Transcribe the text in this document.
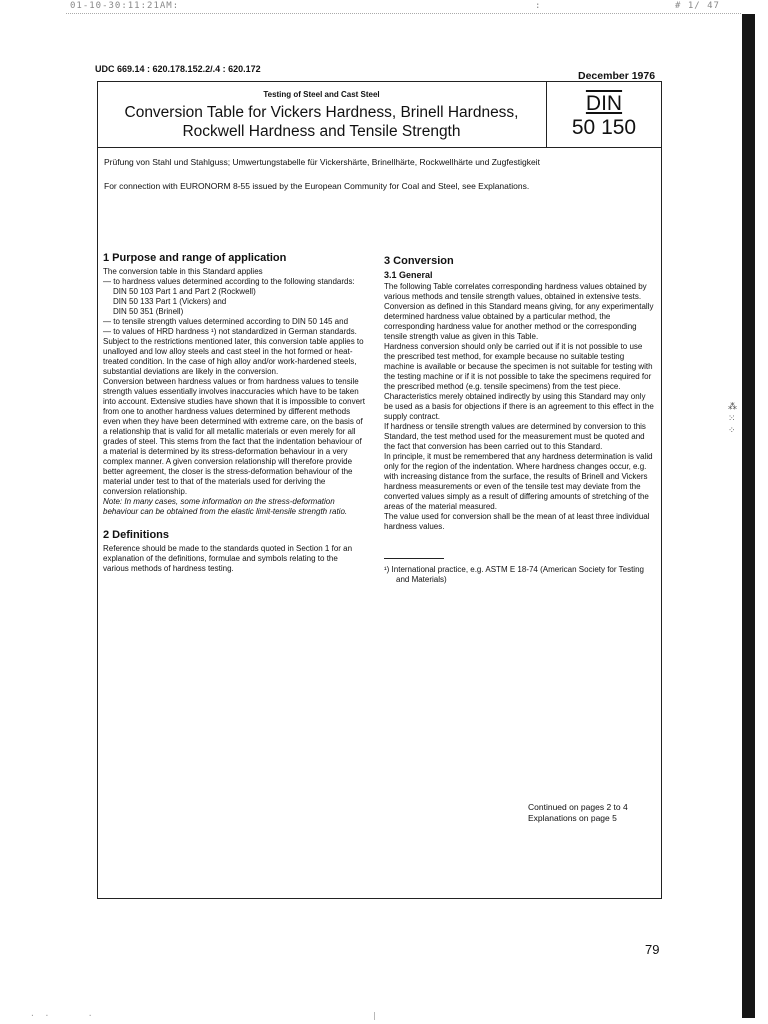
01-10-30:11:21AM:	:	# 1/ 47
⁂
⁙
⁘
UDC 669.14 : 620.178.152.2/.4 : 620.172
December 1976
Testing of Steel and Cast Steel
Conversion Table for Vickers Hardness, Brinell Hardness,
Rockwell Hardness and Tensile Strength
DIN
50 150
Prüfung von Stahl und Stahlguss; Umwertungstabelle für Vickershärte, Brinellhärte, Rockwellhärte und Zugfestigkeit
For connection with EURONORM 8-55 issued by the European Community for Coal and Steel, see Explanations.
1 Purpose and range of application

The conversion table in this Standard applies

— to hardness values determined according to the following standards:

DIN 50 103 Part 1 and Part 2 (Rockwell)

DIN 50 133 Part 1 (Vickers) and

DIN 50 351 (Brinell)

— to tensile strength values determined according to DIN 50 145 and

— to values of HRD hardness ¹) not standardized in German standards.

Subject to the restrictions mentioned later, this conversion table applies to unalloyed and low alloy steels and cast steel in the hot formed or heat-treated condition. In the case of high alloy and/or work-hardened steels, substantial deviations are likely in the conversion.

Conversion between hardness values or from hardness values to tensile strength values essentially involves inaccuracies which have to be taken into account. Extensive studies have shown that it is impossible to convert from one to another hardness values determined by different methods even when they have been determined with extreme care, on the basis of a relationship that is valid for all metallic materials or even merely for all grades of steel. This stems from the fact that the indentation behaviour of a material is determined by its stress-deformation behaviour in a very complex manner. A given conversion relationship will therefore provide better agreement, the closer is the stress-deformation behaviour of the material under test to that of the materials used for deriving the conversion relationship.

Note: In many cases, some information on the stress-deformation behaviour can be obtained from the elastic limit-tensile strength ratio.

2 Definitions

Reference should be made to the standards quoted in Section 1 for an explanation of the definitions, formulae and symbols relating to the various methods of hardness testing.

3 Conversion
3.1 General

The following Table correlates corresponding hardness values obtained by various methods and tensile strength values, obtained in extensive tests.

Conversion as defined in this Standard means giving, for any experimentally determined hardness value obtained by a particular method, the corresponding hardness value for another method or the corresponding tensile strength value as given in this Table.

Hardness conversion should only be carried out if it is not possible to use the prescribed test method, for example because no suitable testing machine is available or because the specimen is not suitable for testing with the testing machine or if it is not possible to take the specimens required for the prescribed method (e.g. tensile specimens) from the test piece.

Characteristics merely obtained indirectly by using this Standard may only be used as a basis for objections if there is an agreement to this effect in the supply contract.

If hardness or tensile strength values are determined by conversion to this Standard, the test method used for the measurement must be quoted and the fact that conversion has been carried out to this Standard.

In principle, it must be remembered that any hardness determination is valid only for the region of the indentation. Where hardness changes occur, e.g. with increasing distance from the surface, the results of Brinell and Vickers hardness measurements or even of the tensile test may deviate from the converted values simply as a result of differing amounts of stretching of the areas of the material measured.

The value used for conversion shall be the mean of at least three individual hardness values.

¹) International practice, e.g. ASTM E 18-74 (American Society for Testing and Materials)

Continued on pages 2 to 4
Explanations on page 5
79
·  ·        ·                                                          |
